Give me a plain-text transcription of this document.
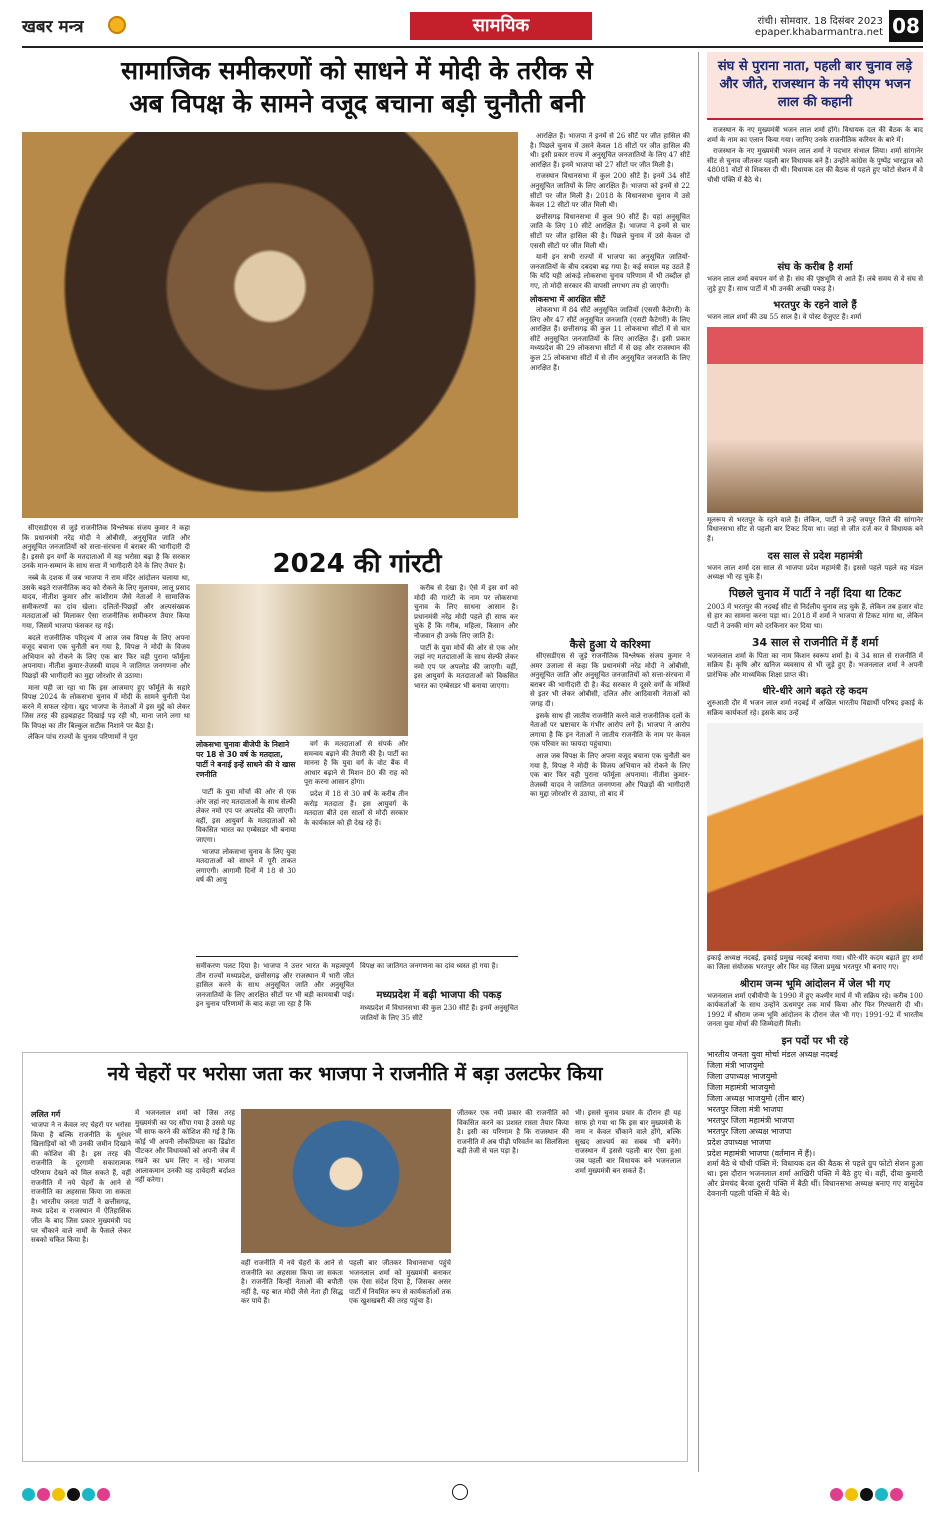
खबर मन्त्र	सामयिक	रांची। सोमवार. 18 दिसंबर 2023
epaper.khabarmantra.net 08
सामाजिक समीकरणों को साधने में मोदी के तरीक से
अब विपक्ष के सामने वजूद बचाना बड़ी चुनौती बनी

आरक्षित हैं। भाजपा ने इनमें से 26 सीटें पर जीत हासिल की है। पिछले चुनाव में उसने केवल 18 सीटों पर जीत हासिल की थी। इसी प्रकार राज्य में अनुसूचित जनजातियों के लिए 47 सीटें आरक्षित हैं। इनमें भाजपा को 27 सीटों पर जीत मिली है।

राजस्थान विधानसभा में कुल 200 सीटें हैं। इनमें 34 सीटें अनुसूचित जातियों के लिए आरक्षित हैं। भाजपा को इनमें से 22 सीटों पर जीत मिली है। 2018 के विधानसभा चुनाव में उसे केवल 12 सीटों पर जीत मिली थी।

छत्तीसगढ़ विधानसभा में कुल 90 सीटें हैं। यहां अनुसूचित जाति के लिए 10 सीटें आरक्षित हैं। भाजपा ने इनमें से चार सीटों पर जीत हासिल की है। पिछले चुनाव में उसे केवल दो एससी सीटों पर जीत मिली थी।

यानी इन सभी राज्यों में भाजपा का अनुसूचित जातियों-जनजातियों के बीच दबदबा बढ़ गया है। कई सवाल यह उठते हैं कि यदि यही आंकड़े लोकसभा चुनाव परिणाम में भी तब्दील हो गए, तो मोदी सरकार की वापसी लगभग तय हो जाएगी।

लोकसभा में आरक्षित सीटें

लोकसभा में 84 सीटें अनुसूचित जातियों (एससी कैटेगरी) के लिए और 47 सीटें अनुसूचित जनजाति (एसटी कैटेगरी) के लिए आरक्षित हैं। छत्तीसगढ़ की कुल 11 लोकसभा सीटों में से चार सीटें अनुसूचित जनजातियों के लिए आरक्षित हैं। इसी प्रकार मध्यप्रदेश की 29 लोकसभा सीटों में से छह और राजस्थान की कुल 25 लोकसभा सीटों में से तीन अनुसूचित जनजाति के लिए आरक्षित हैं।

कैसे हुआ ये करिश्मा

सीएसडीएस से जुड़े राजनीतिक विश्लेषक संजय कुमार ने अमर उजाला से कहा कि प्रधानमंत्री नरेंद्र मोदी ने ओबीसी, अनुसूचित जाति और अनुसूचित जनजातियों को सत्ता-संरचना में बराबर की भागीदारी दी है। केंद्र सरकार में दूसरे वर्गों के मंत्रियों से इतर भी लेकर ओबीसी, दलित और आदिवासी नेताओं को जगह दी।

इसके साथ ही जातीय राजनीति करने वाले राजनीतिक दलों के नेताओं पर भ्रष्टाचार के गंभीर आरोप लगे हैं। भाजपा ने आरोप लगाया है कि इन नेताओं ने जातीय राजनीति के नाम पर केवल एक परिवार का फायदा पहुंचाया।

आज जब विपक्ष के लिए अपना वजूद बचाना एक चुनौती बन गया है, विपक्ष ने मोदी के विजय अभियान को रोकने के लिए एक बार फिर वही पुराना फॉर्मूला अपनाया। नीतीश कुमार-तेजस्वी यादव ने जातिगत जनगणना और पिछड़ों की भागीदारी का मुद्दा जोरशोर से उठाया, तो बाद में

सीएसडीएस से जुड़े राजनीतिक विश्लेषक संजय कुमार ने कहा कि प्रधानमंत्री नरेंद्र मोदी ने ओबीसी, अनुसूचित जाति और अनुसूचित जनजातियों को सत्ता-संरचना में बराबर की भागीदारी दी है। इससे इन वर्गों के मतदाताओं में यह भरोसा बढ़ा है कि सरकार उनके मान-सम्मान के साथ सत्ता में भागीदारी देने के लिए तैयार है।

नब्बे के दशक में जब भाजपा ने राम मंदिर आंदोलन चलाया था, उसके बढ़ते राजनीतिक कद को रोकने के लिए मुलायम, लालू प्रसाद यादव, नीतीश कुमार और कांशीराम जैसे नेताओं ने सामाजिक समीकरणों का दांव खेला। दलितों-पिछड़ों और अल्पसंख्यक मतदाताओं को मिलाकर ऐसा राजनीतिक समीकरण तैयार किया गया, जिसमें भाजपा फंसकर रह गई।

बदले राजनीतिक परिदृश्य में आज जब विपक्ष के लिए अपना वजूद बचाना एक चुनौती बन गया है, विपक्ष ने मोदी के विजय अभियान को रोकने के लिए एक बार फिर वही पुराना फॉर्मूला अपनाया। नीतीश कुमार-तेजस्वी यादव ने जातिगत जनगणना और पिछड़ों की भागीदारी का मुद्दा जोरशोर से उठाया।

माना यही जा रहा था कि इस आजमाए हुए फॉर्मूले के सहारे विपक्ष 2024 के लोकसभा चुनाव में मोदी के सामने चुनौती पेश करने में सफल रहेगा। खुद भाजपा के नेताओं में इस मुद्दे को लेकर जिस तरह की हड़बड़ाहट दिखाई पड़ रही थी, माना जाने लगा था कि विपक्ष का तीर बिल्कुल सटीक निशाने पर बैठा है।

लेकिन पांच राज्यों के चुनाव परिणामों ने पूरा

2024 की गांरटी
लोकसभा चुनावः बीजेपी के निशाने पर 18 से 30 वर्ष के मतदाता, पार्टी ने बनाई इन्हें साधने की ये खास रणनीति

पार्टी के युवा मोर्चा की ओर से एक ओर जहां नए मतदाताओं के साथ सेल्फी लेकर नमो एप पर अपलोड की जाएगी। वहीं, इस आयुवर्ग के मतदाताओं को विकसित भारत का एम्बेसडर भी बनाया जाएगा।

भाजपा लोकसभा चुनाव के लिए युवा मतदाताओं को साधने में पूरी ताकत लगाएगी। आगामी दिनों में 18 से 30 वर्ष की आयु

वर्ग के मतदाताओं से संपर्क और समन्वय बढ़ाने की तैयारी की है। पार्टी का मानना है कि युवा वर्ग के वोट बैंक में आधार बढ़ाने से मिशन 80 की राह को पूरा करना आसान होगा।

प्रदेश में 18 से 30 वर्ष के करीब तीन करोड़ मतदाता हैं। इस आयुवर्ग के मतदाता बीते दस सालों से मोदी सरकार के कार्यकाल को ही देख रहे हैं।

करीब से देखा है। ऐसे में इस वर्ग को मोदी की गारंटी के नाम पर लोकसभा चुनाव के लिए साधना आसान है। प्रधानमंत्री नरेंद्र मोदी पहले ही साफ कर चुके हैं कि गरीब, महिला, किसान और नौजवान ही उनके लिए जाति हैं।

पार्टी के युवा मोर्चे की ओर से एक ओर जहां नए मतदाताओं के साथ सेल्फी लेकर नमो एप पर अपलोड की जाएगी। वहीं, इस आयुवर्ग के मतदाताओं को विकसित भारत का एम्बेसडर भी बनाया जाएगा।

समीकरण पलट दिया है। भाजपा ने उत्तर भारत के महत्वपूर्ण तीन राज्यों मध्यप्रदेश, छत्तीसगढ़ और राजस्थान में भारी जीत हासिल करने के साथ अनुसूचित जाति और अनुसूचित जनजातियों के लिए आरक्षित सीटों पर भी बड़ी कामयाबी पाई। इन चुनाव परिणामों के बाद कहा जा रहा है कि
विपक्ष का जातिगत जनगणना का दांव ध्वस्त हो गया है।
मध्यप्रदेश में बढ़ी भाजपा की पकड़
मध्यप्रदेश में विधानसभा की कुल 230 सीटें हैं। इनमें अनुसूचित जातियों के लिए 35 सीटें
संघ से पुराना नाता, पहली बार चुनाव लड़े और जीते, राजस्थान के नये सीएम भजन लाल की कहानी

राजस्थान के नए मुख्यमंत्री भजन लाल शर्मा होंगे। विधायक दल की बैठक के बाद शर्मा के नाम का एलान किया गया। जानिए उनके राजनीतिक करियर के बारे में।

राजस्थान के नए मुख्यमंत्री भजन लाल शर्मा ने पदभार संभाल लिया। शर्मा सांगानेर सीट से चुनाव जीतकर पहली बार विधायक बने हैं। उन्होंने कांग्रेस के पुष्पेंद्र भारद्वाज को 48081 वोटों से शिकस्त दी थी। विधायक दल की बैठक से पहले हुए फोटो सेशन में वे चौथी पंक्ति में बैठे थे।

संघ के करीब है शर्मा
भजन लाल शर्मा बचपन वर्ग से हैं। संघ की पृष्ठभूमि से आते हैं। लंबे समय से वे संघ से जुड़े हुए हैं। साथ पार्टी में भी उनकी अच्छी पकड़ है।
भरतपुर के रहने वाले हैं
भजन लाल शर्मा की उम्र 55 साल है। वे पोस्ट ग्रेजुएट हैं। शर्मा
मूलरूप से भरतपुर के रहने वाले हैं। लेकिन, पार्टी ने उन्हें जयपुर जिले की सांगानेर विधानसभा सीट से पहली बार टिकट दिया था। जहां से जीत दर्ज कर वे विधायक बने हैं।
दस साल से प्रदेश महामंत्री
भजन लाल शर्मा दस साल से भाजपा प्रदेश महामंत्री हैं। इससे पहले पहले वह मंडल अध्यक्ष भी रह चुके हैं।
पिछले चुनाव में पार्टी ने नहीं दिया था टिकट
2003 में भरतपुर की नदबई सीट से निर्दलीय चुनाव लड़ चुके हैं, लेकिन तब हजार वोट से हार का सामना करना पड़ा था। 2018 में शर्मा ने भाजपा से टिकट मांगा था, लेकिन पार्टी ने उनकी मांग को दरकिनार कर दिया था।
34 साल से राजनीति में हैं शर्मा
भजनलाल शर्मा के पिता का नाम किशन स्वरूप शर्मा है। वे 34 साल से राजनीति में सक्रिय हैं। कृषि और खनिज व्यवसाय से भी जुड़े हुए हैं। भजनलाल शर्मा ने अपनी प्रारंभिक और माध्यमिक शिक्षा प्राप्त की।
धीरे-धीरे आगे बढ़ते रहे कदम
शुरुआती दौर में भजन लाल शर्मा नदबई में अखिल भारतीय विद्यार्थी परिषद इकाई के सक्रिय कार्यकर्ता रहे। इसके बाद उन्हें
इकाई अध्यक्ष नदबई, इकाई प्रमुख नदबई बनाया गया। धीरे-धीरे कदम बढ़ाते हुए शर्मा का जिला संयोजक भरतपुर और फिर वह जिला प्रमुख भरतपुर भी बनाए गए।
श्रीराम जन्म भूमि आंदोलन में जेल भी गए
भजनलाल शर्मा एबीवीपी के 1990 में हुए कश्मीर मार्च में भी सक्रिय रहे। करीब 100 कार्यकर्ताओं के साथ उन्होंने ऊधमपुर तक मार्च किया और फिर गिरफ्तारी दी थी। 1992 में श्रीराम जन्म भूमि आंदोलन के दौरान जेल भी गए। 1991-92 में भारतीय जनता युवा मोर्चा की जिम्मेदारी मिली।
इन पदों पर भी रहे
भारतीय जनता युवा मोर्चा मंडल अध्यक्ष नदबई
जिला मंत्री भाजयुमो
जिला उपाध्यक्ष भाजयुमो
जिला महामंत्री भाजयुमो
जिला अध्यक्ष भाजयुमो (तीन बार)
भरतपुर जिला मंत्री भाजपा
भरतपुर जिला महामंत्री भाजपा
भरतपुर जिला अध्यक्ष भाजपा
प्रदेश उपाध्यक्ष भाजपा
प्रदेश महामंत्री भाजपा (वर्तमान में हैं)।
शर्मा बैठे थे चौथी पंक्ति में: विधायक दल की बैठक से पहले ग्रुप फोटो सेशन हुआ था। इस दौरान भजनलाल शर्मा आखिरी पंक्ति में बैठे हुए थे। वहीं, दीया कुमारी और प्रेमचंद बैरवा दूसरी पंक्ति में बैठी थीं। विधानसभा अध्यक्ष बनाए गए वासुदेव देवनानी पहली पंक्ति में बैठे थे।
नये चेहरों पर भरोसा जता कर भाजपा ने राजनीति में बड़ा उलटफेर किया
ललित गर्ग
भाजपा ने न केवल नए चेहरों पर भरोसा किया है बल्कि राजनीति के धुरंधर खिलाड़ियों को भी उनकी जमीन दिखाने की कोशिश की है। इस तरह की राजनीति के दूरगामी सकारात्मक परिणाम देखने को मिल सकते हैं, वहीं राजनीति में नये चेहरों के आने से राजनीति का अहसास किया जा सकता है। भारतीय जनता पार्टी ने छत्तीसगढ़, मध्य प्रदेश व राजस्थान में ऐतिहासिक जीत के बाद जिस प्रकार मुख्यमंत्री पद पर चौंकाने वाले नामों के फैसले लेकर सबको चकित किया है।
में भजनलाल शर्मा को जिस तरह मुख्यमंत्री का पद सौंपा गया है उससे यह भी साफ करने की कोशिश की गई है कि कोई भी अपनी लोकप्रियता का ढिंढोरा पीटकर और विधायकों को अपनी जेब में रखने का भ्रम लिए न रहे। भाजपा आलाकमान उनकी यह दावेदारी बर्दाश्त नहीं करेगा।
वहीं राजनीति में नये चेहरों के आने से राजनीति का अहसास किया जा सकता है। राजनीति किन्हीं नेताओं की बपौती नहीं है, यह बात मोदी जैसे नेता ही सिद्ध कर पाये हैं।
पहली बार जीतकर विधानसभा पहुंचे भजनलाल शर्मा को मुख्यमंत्री बनाकर एक ऐसा संदेश दिया है, जिसका असर पार्टी में नियमित रूप से कार्यकर्ताओं तक एक खुशखबरी की तरह पहुंचा है।
जीतकर एक नयी प्रकार की राजनीति को विकसित करने का प्रशस्त रास्ता तैयार किया है। इसी का परिणाम है कि राजस्थान की राजनीति में अब पीढ़ी परिवर्तन का सिलसिला बड़ी तेजी से चल पड़ा है।
भी। इससे चुनाव प्रचार के दौरान ही यह साफ हो गया था कि इस बार मुख्यमंत्री के नाम न केवल चौंकाने वाले होंगे, बल्कि सुखद आश्चर्य का सबब भी बनेंगे। राजस्थान में इससे पहली बार ऐसा हुआ जब पहली बार विधायक बने भजनलाल शर्मा मुख्यमंत्री बन सकते हैं।
